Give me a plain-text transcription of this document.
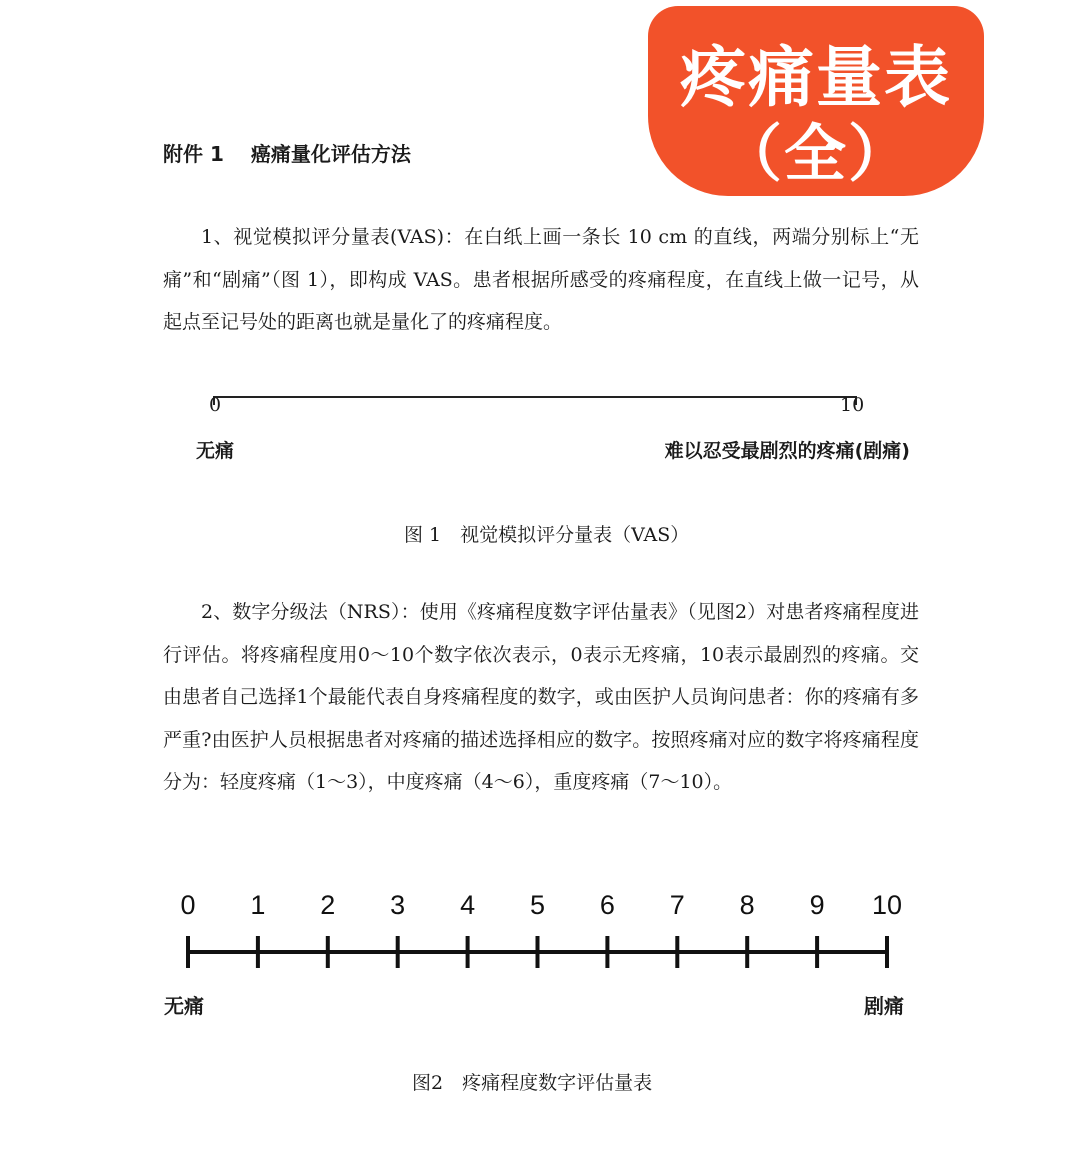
疼痛量表
（全）
附件 1　 癌痛量化评估方法

1、视觉模拟评分量表(VAS)：在白纸上画一条长 10 cm 的直线，两端分别标上“无痛”和“剧痛”（图 1），即构成 VAS。患者根据所感受的疼痛程度，在直线上做一记号，从起点至记号处的距离也就是量化了的疼痛程度。

0	10
无痛	难以忍受最剧烈的疼痛(剧痛)
图 1　视觉模拟评分量表（VAS）

2、数字分级法（NRS）：使用《疼痛程度数字评估量表》（见图2）对患者疼痛程度进行评估。将疼痛程度用0～10个数字依次表示，0表示无疼痛，10表示最剧烈的疼痛。交由患者自己选择1个最能代表自身疼痛程度的数字，或由医护人员询问患者：你的疼痛有多严重?由医护人员根据患者对疼痛的描述选择相应的数字。按照疼痛对应的数字将疼痛程度分为：轻度疼痛（1～3），中度疼痛（4～6），重度疼痛（7～10）。

0 1 2 3 4 5 6 7 8 9 10
无痛	剧痛
图2　疼痛程度数字评估量表
